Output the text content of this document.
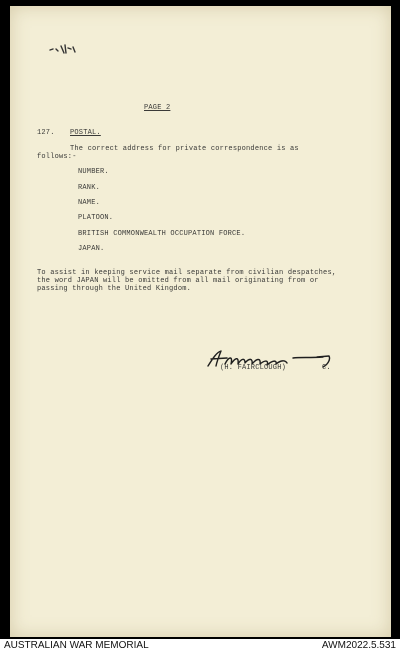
PAGE 2
127. POSTAL.
The correct address for private correspondence is as
follows:-
NUMBER.
RANK.
NAME.
PLATOON.
BRITISH COMMONWEALTH OCCUPATION FORCE.
JAPAN.
To assist in keeping service mail separate from civilian despatches,
the word JAPAN will be omitted from all mail originating from or
passing through the United Kingdom.
(H. FAIRCLOUGH)	C.
AUSTRALIAN WAR MEMORIAL	AWM2022.5.531
